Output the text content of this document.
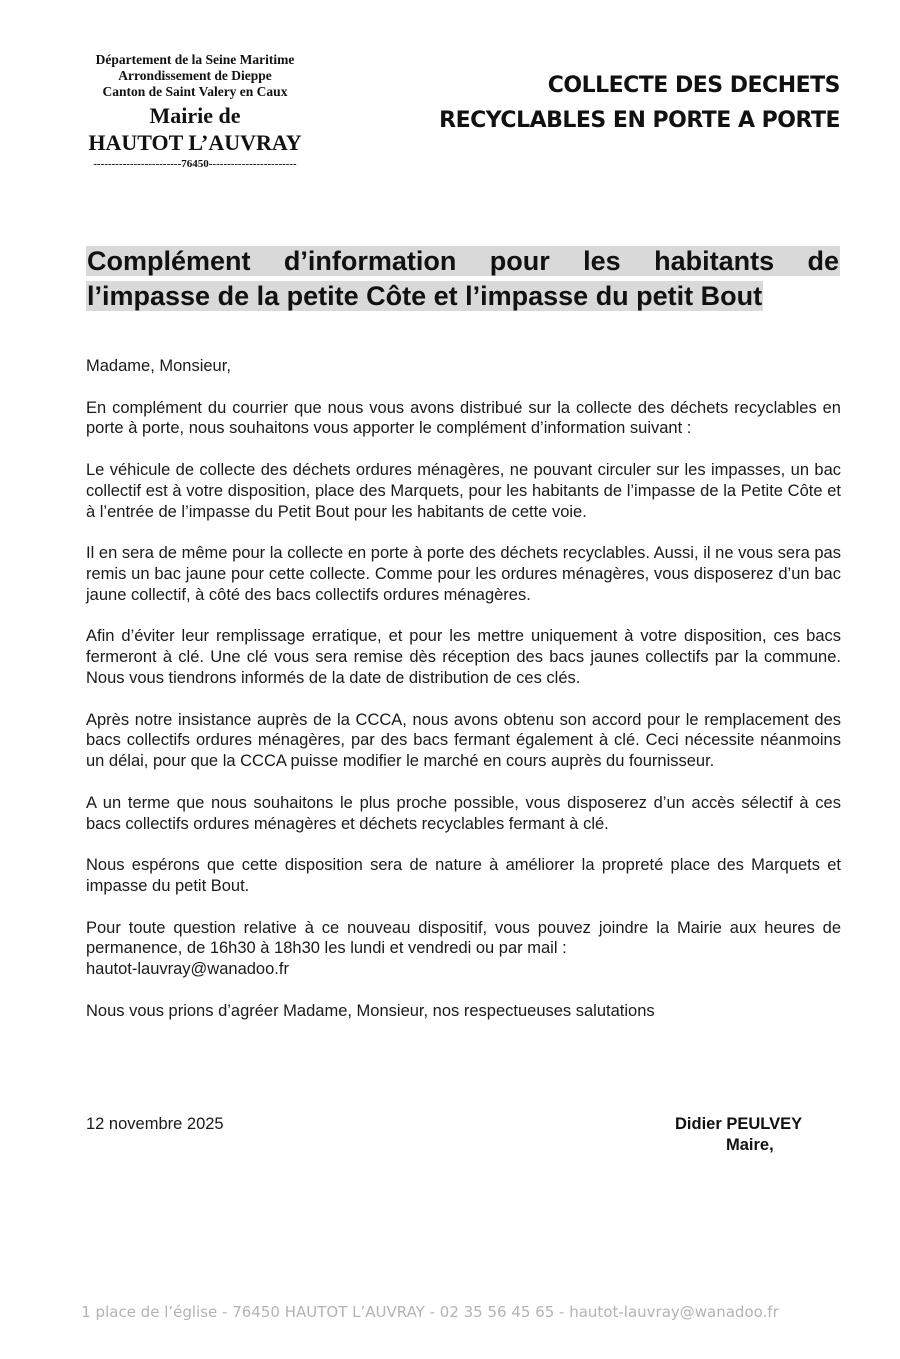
Département de la Seine Maritime
Arrondissement de Dieppe
Canton de Saint Valery en Caux
Mairie de
HAUTOT L’AUVRAY
------------------------76450------------------------
COLLECTE DES DECHETS
RECYCLABLES EN PORTE A PORTE
Complément d’information pour les habitants de l’impasse de la petite Côte et l’impasse du petit Bout

Madame, Monsieur,

En complément du courrier que nous vous avons distribué sur la collecte des déchets recyclables en porte à porte, nous souhaitons vous apporter le complément d’information suivant :

Le véhicule de collecte des déchets ordures ménagères, ne pouvant circuler sur les impasses, un bac collectif est à votre disposition, place des Marquets, pour les habitants de l’impasse de la Petite Côte et à l’entrée de l’impasse du Petit Bout pour les habitants de cette voie.

Il en sera de même pour la collecte en porte à porte des déchets recyclables. Aussi, il ne vous sera pas remis un bac jaune pour cette collecte. Comme pour les ordures ménagères, vous disposerez d’un bac jaune collectif, à côté des bacs collectifs ordures ménagères.

Afin d’éviter leur remplissage erratique, et pour les mettre uniquement à votre disposition, ces bacs fermeront à clé. Une clé vous sera remise dès réception des bacs jaunes collectifs par la commune. Nous vous tiendrons informés de la date de distribution de ces clés.

Après notre insistance auprès de la CCCA, nous avons obtenu son accord pour le remplacement des bacs collectifs ordures ménagères, par des bacs fermant également à clé. Ceci nécessite néanmoins un délai, pour que la CCCA puisse modifier le marché en cours auprès du fournisseur.

A un terme que nous souhaitons le plus proche possible, vous disposerez d’un accès sélectif à ces bacs collectifs ordures ménagères et déchets recyclables fermant à clé.

Nous espérons que cette disposition sera de nature à améliorer la propreté place des Marquets et impasse du petit Bout.

Pour toute question relative à ce nouveau dispositif, vous pouvez joindre la Mairie aux heures de permanence, de 16h30 à 18h30 les lundi et vendredi ou par mail :

hautot-lauvray@wanadoo.fr

Nous vous prions d’agréer Madame, Monsieur, nos respectueuses salutations

12 novembre 2025	Didier PEULVEY
Maire,
1 place de l’église - 76450 HAUTOT L’AUVRAY - 02 35 56 45 65 - hautot-lauvray@wanadoo.fr
